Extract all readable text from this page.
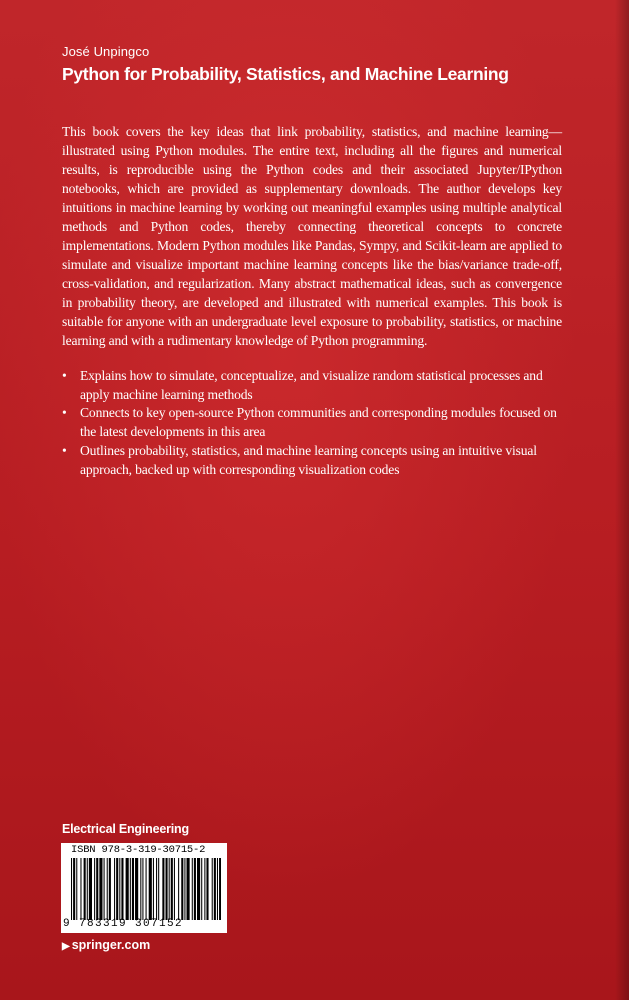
José Unpingco
Python for Probability, Statistics, and Machine Learning

This book covers the key ideas that link probability, statistics, and machine learning—illustrated using Python modules. The entire text, including all the figures and numerical results, is reproducible using the Python codes and their associated Jupyter/IPython notebooks, which are provided as supplementary downloads. The author develops key intuitions in machine learning by working out meaningful examples using multiple analytical methods and Python codes, thereby connecting theoretical concepts to concrete implementations. Modern Python modules like Pandas, Sympy, and Scikit-learn are applied to simulate and visualize important machine learning concepts like the bias/variance trade-off, cross-validation, and regularization. Many abstract mathematical ideas, such as convergence in probability theory, are developed and illustrated with numerical examples. This book is suitable for anyone with an undergraduate level exposure to probability, statistics, or machine learning and with a rudimentary knowledge of Python programming.

• Explains how to simulate, conceptualize, and visualize random statistical processes and apply machine learning methods
• Connects to key open-source Python communities and corresponding modules focused on the latest developments in this area
• Outlines probability, statistics, and machine learning concepts using an intuitive visual approach, backed up with corresponding visualization codes
Electrical Engineering
ISBN 978-3-319-30715-2
9 783319 307152
▶ springer.com
